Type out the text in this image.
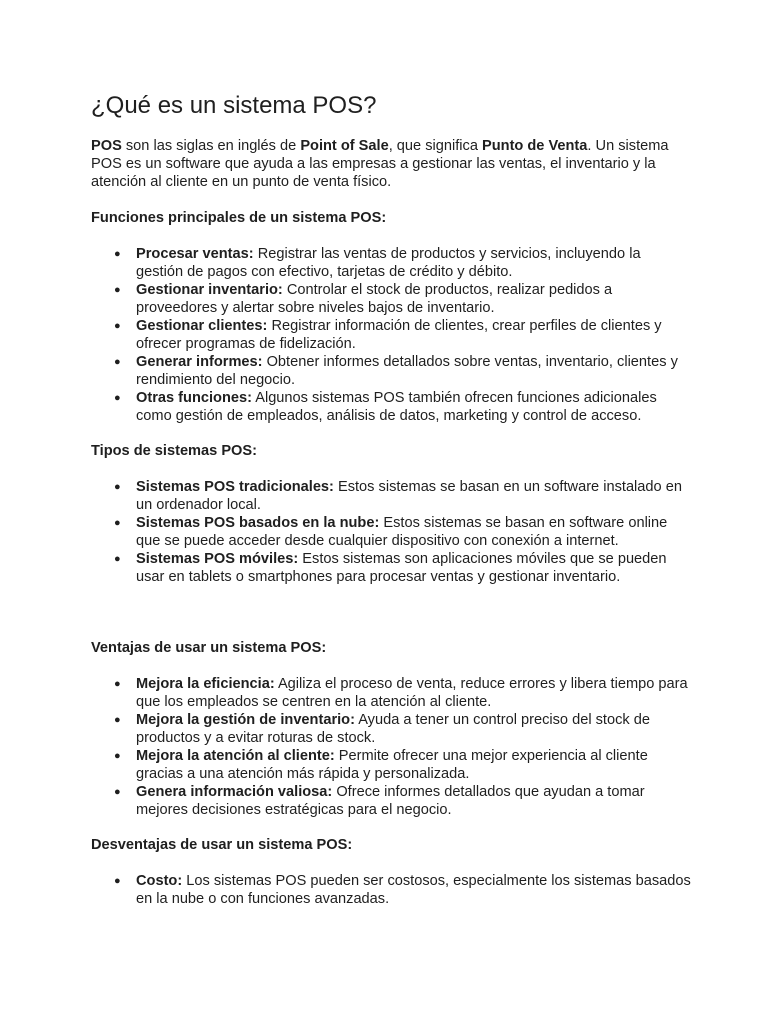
¿Qué es un sistema POS?

POS son las siglas en inglés de Point of Sale, que significa Punto de Venta. Un sistema POS es un software que ayuda a las empresas a gestionar las ventas, el inventario y la atención al cliente en un punto de venta físico.

Funciones principales de un sistema POS:
● Procesar ventas: Registrar las ventas de productos y servicios, incluyendo la gestión de pagos con efectivo, tarjetas de crédito y débito.
● Gestionar inventario: Controlar el stock de productos, realizar pedidos a proveedores y alertar sobre niveles bajos de inventario.
● Gestionar clientes: Registrar información de clientes, crear perfiles de clientes y ofrecer programas de fidelización.
● Generar informes: Obtener informes detallados sobre ventas, inventario, clientes y rendimiento del negocio.
● Otras funciones: Algunos sistemas POS también ofrecen funciones adicionales como gestión de empleados, análisis de datos, marketing y control de acceso.
Tipos de sistemas POS:
● Sistemas POS tradicionales: Estos sistemas se basan en un software instalado en un ordenador local.
● Sistemas POS basados en la nube: Estos sistemas se basan en software online que se puede acceder desde cualquier dispositivo con conexión a internet.
● Sistemas POS móviles: Estos sistemas son aplicaciones móviles que se pueden usar en tablets o smartphones para procesar ventas y gestionar inventario.
Ventajas de usar un sistema POS:
● Mejora la eficiencia: Agiliza el proceso de venta, reduce errores y libera tiempo para que los empleados se centren en la atención al cliente.
● Mejora la gestión de inventario: Ayuda a tener un control preciso del stock de productos y a evitar roturas de stock.
● Mejora la atención al cliente: Permite ofrecer una mejor experiencia al cliente gracias a una atención más rápida y personalizada.
● Genera información valiosa: Ofrece informes detallados que ayudan a tomar mejores decisiones estratégicas para el negocio.
Desventajas de usar un sistema POS:
● Costo: Los sistemas POS pueden ser costosos, especialmente los sistemas basados en la nube o con funciones avanzadas.
